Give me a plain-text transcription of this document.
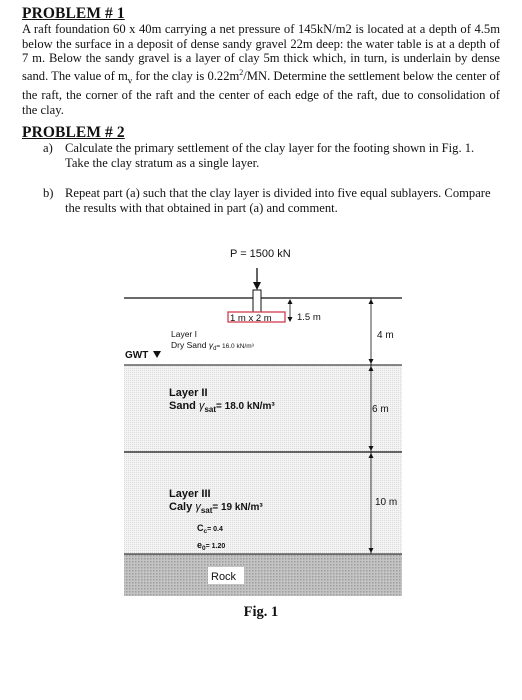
PROBLEM # 1
A raft foundation 60 x 40m carrying a net pressure of 145kN/m2 is located at a depth of 4.5m below the surface in a deposit of dense sandy gravel 22m deep: the water table is at a depth of 7 m. Below the sandy gravel is a layer of clay 5m thick which, in turn, is underlain by dense sand. The value of $m_v$ for the clay is $0.22m^2/MN$. Determine the settlement below the center of the raft, the corner of the raft and the center of each edge of the raft, due to consolidation of the clay.
PROBLEM # 2
a) Calculate the primary settlement of the clay layer for the footing shown in Fig. 1. Take the clay stratum as a single layer.
b) Repeat part (a) such that the clay layer is divided into five equal sublayers. Compare the results with that obtained in part (a) and comment.
P = 1500 kN
1 m x 2 m	1.5 m
Layer I
Dry Sand $\gamma_d^{= 16.0 kN/m^3}$
GWT
Layer II
Sand $\gamma_{sat}= 18.0$ kN/m³
Layer III
Caly $\gamma_{sat}= 19$ kN/m³
$C_c^{= 0.4}$
$e_0^{= 1.20}$
Rock
4 m
6 m
10 m
Fig. 1
